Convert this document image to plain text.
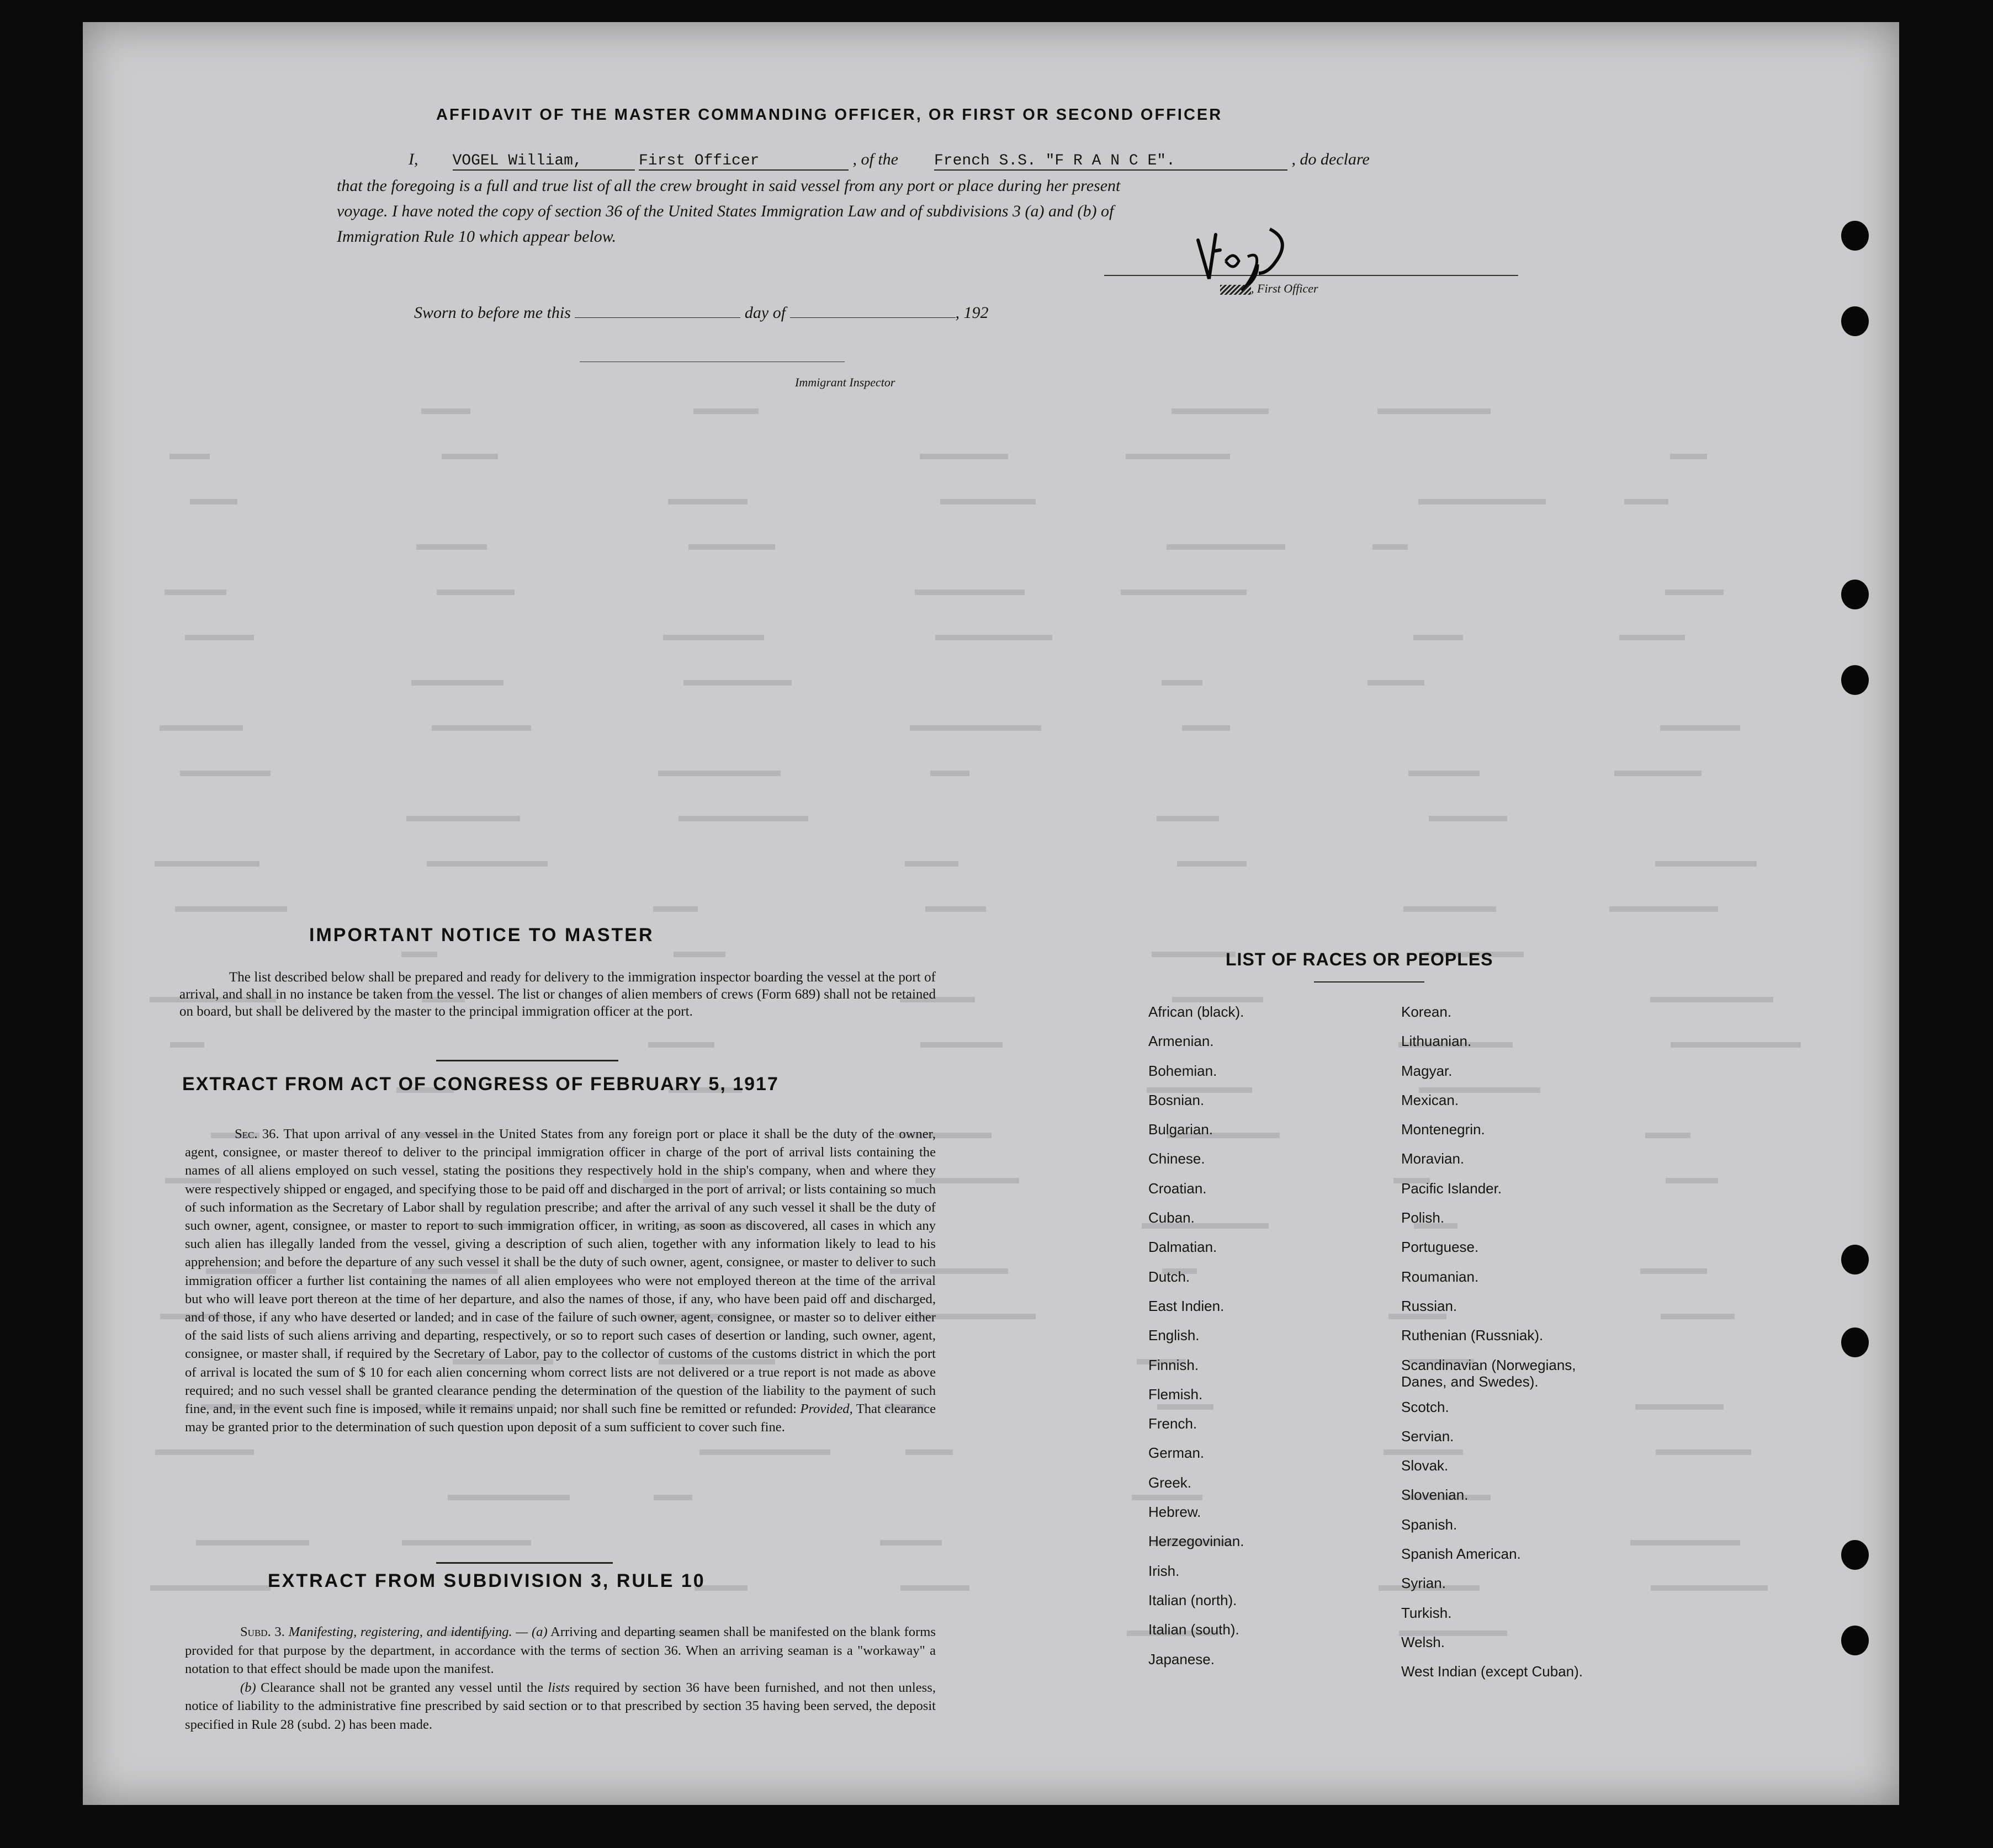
AFFIDAVIT OF THE MASTER COMMANDING OFFICER, OR FIRST OR SECOND OFFICER
I, VOGEL William,	First Officer	, of the French S.S. "F R A N C E".	, do declare
that the foregoing is a full and true list of all the crew brought in said vessel from any port or place during her present
voyage. I have noted the copy of section 36 of the United States Immigration Law and of subdivisions 3 (a) and (b) of
Immigration Rule 10 which appear below.
, First Officer
Sworn to before me this	day of	, 192
Immigrant Inspector
IMPORTANT NOTICE TO MASTER
The list described below shall be prepared and ready for delivery to the immigration inspector boarding the vessel at the port of arrival, and shall in no instance be taken from the vessel. The list or changes of alien members of crews (Form 689) shall not be retained on board, but shall be delivered by the master to the principal immigration officer at the port.
EXTRACT FROM ACT OF CONGRESS OF FEBRUARY 5, 1917

Sec. 36. That upon arrival of any vessel in the United States from any foreign port or place it shall be the duty of the owner, agent, consignee, or master thereof to deliver to the principal immigration officer in charge of the port of arrival lists containing the names of all aliens employed on such vessel, stating the positions they respectively hold in the ship's company, when and where they were respectively shipped or engaged, and specifying those to be paid off and discharged in the port of arrival; or lists containing so much of such information as the Secretary of Labor shall by regulation prescribe; and after the arrival of any such vessel it shall be the duty of such owner, agent, consignee, or master to report to such immigration officer, in writing, as soon as discovered, all cases in which any such alien has illegally landed from the vessel, giving a description of such alien, together with any information likely to lead to his apprehension; and before the departure of any such vessel it shall be the duty of such owner, agent, consignee, or master to deliver to such immigration officer a further list containing the names of all alien employees who were not employed thereon at the time of the arrival but who will leave port thereon at the time of her departure, and also the names of those, if any, who have been paid off and discharged, and of those, if any who have deserted or landed; and in case of the failure of such owner, agent, consignee, or master so to deliver either of the said lists of such aliens arriving and departing, respectively, or so to report such cases of desertion or landing, such owner, agent, consignee, or master shall, if required by the Secretary of Labor, pay to the collector of customs of the customs district in which the port of arrival is located the sum of $ 10 for each alien concerning whom correct lists are not delivered or a true report is not made as above required; and no such vessel shall be granted clearance pending the determination of the question of the liability to the payment of such fine, and, in the event such fine is imposed, while it remains unpaid; nor shall such fine be remitted or refunded: Provided, That clearance may be granted prior to the determination of such question upon deposit of a sum sufficient to cover such fine.

EXTRACT FROM SUBDIVISION 3, RULE 10

Subd. 3. Manifesting, registering, and identifying. — (a) Arriving and departing seamen shall be manifested on the blank forms provided for that purpose by the department, in accordance with the terms of section 36. When an arriving seaman is a "workaway" a notation to that effect should be made upon the manifest.

(b) Clearance shall not be granted any vessel until the lists required by section 36 have been furnished, and not then unless, notice of liability to the administrative fine prescribed by said section or to that prescribed by section 35 having been served, the deposit specified in Rule 28 (subd. 2) has been made.

LIST OF RACES OR PEOPLES
African (black).
Armenian.
Bohemian.
Bosnian.
Bulgarian.
Chinese.
Croatian.
Cuban.
Dalmatian.
Dutch.
East Indien.
English.
Finnish.
Flemish.
French.
German.
Greek.
Hebrew.
Herzegovinian.
Irish.
Italian (north).
Italian (south).
Japanese.
Korean.
Lithuanian.
Magyar.
Mexican.
Montenegrin.
Moravian.
Pacific Islander.
Polish.
Portuguese.
Roumanian.
Russian.
Ruthenian (Russniak).
Scandinavian (Norwegians, Danes, and Swedes).
Scotch.
Servian.
Slovak.
Slovenian.
Spanish.
Spanish American.
Syrian.
Turkish.
Welsh.
West Indian (except Cuban).
